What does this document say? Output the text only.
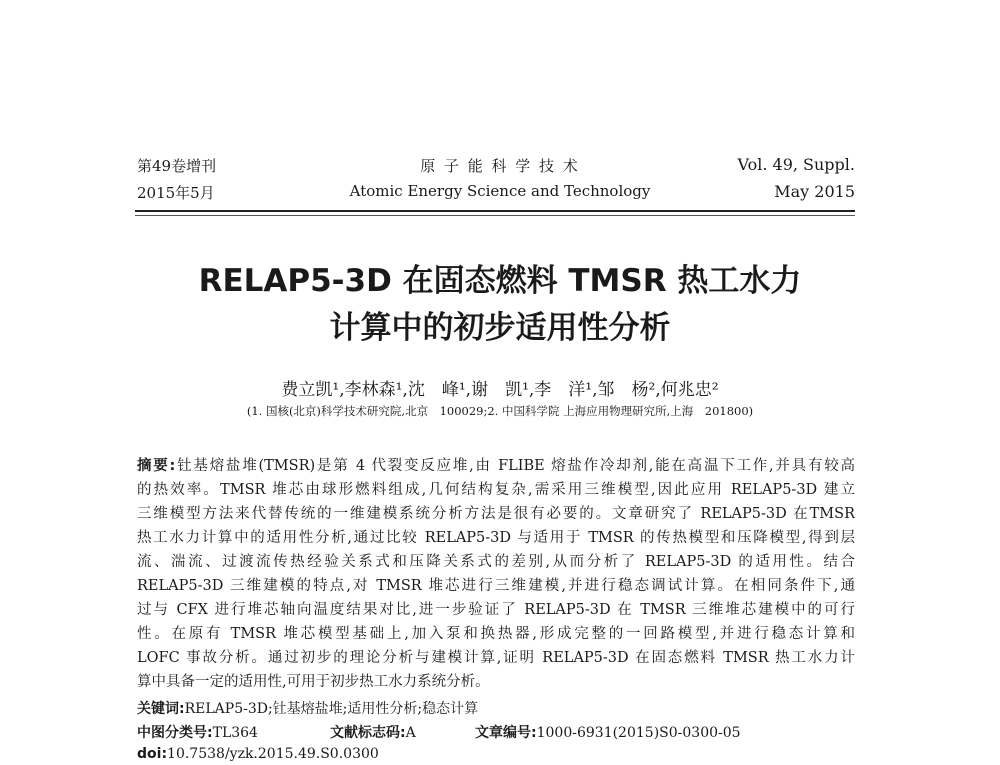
第49卷增刊
2015年5月
原 子 能 科 学 技 术
Atomic Energy Science and Technology
Vol. 49, Suppl.
May 2015
RELAP5-3D 在固态燃料 TMSR 热工水力
计算中的初步适用性分析
费立凯¹,李林森¹,沈　峰¹,谢　凯¹,李　洋¹,邹　杨²,何兆忠²
(1. 国核(北京)科学技术研究院,北京　100029;2. 中国科学院 上海应用物理研究所,上海　201800)
摘要:钍基熔盐堆(TMSR)是第 4 代裂变反应堆,由 FLIBE 熔盐作冷却剂,能在高温下工作,并具有较高
的热效率。TMSR 堆芯由球形燃料组成,几何结构复杂,需采用三维模型,因此应用 RELAP5-3D 建立
三维模型方法来代替传统的一维建模系统分析方法是很有必要的。文章研究了 RELAP5-3D 在TMSR
热工水力计算中的适用性分析,通过比较 RELAP5-3D 与适用于 TMSR 的传热模型和压降模型,得到层
流、湍流、过渡流传热经验关系式和压降关系式的差别,从而分析了 RELAP5-3D 的适用性。结合
RELAP5-3D 三维建模的特点,对 TMSR 堆芯进行三维建模,并进行稳态调试计算。在相同条件下,通
过与 CFX 进行堆芯轴向温度结果对比,进一步验证了 RELAP5-3D 在 TMSR 三维堆芯建模中的可行
性。在原有 TMSR 堆芯模型基础上,加入泵和换热器,形成完整的一回路模型,并进行稳态计算和
LOFC 事故分析。通过初步的理论分析与建模计算,证明 RELAP5-3D 在固态燃料 TMSR 热工水力计
算中具备一定的适用性,可用于初步热工水力系统分析。
关键词:RELAP5-3D;钍基熔盐堆;适用性分析;稳态计算
中图分类号:TL364	文献标志码:A	文章编号:1000-6931(2015)S0-0300-05
doi:10.7538/yzk.2015.49.S0.0300
